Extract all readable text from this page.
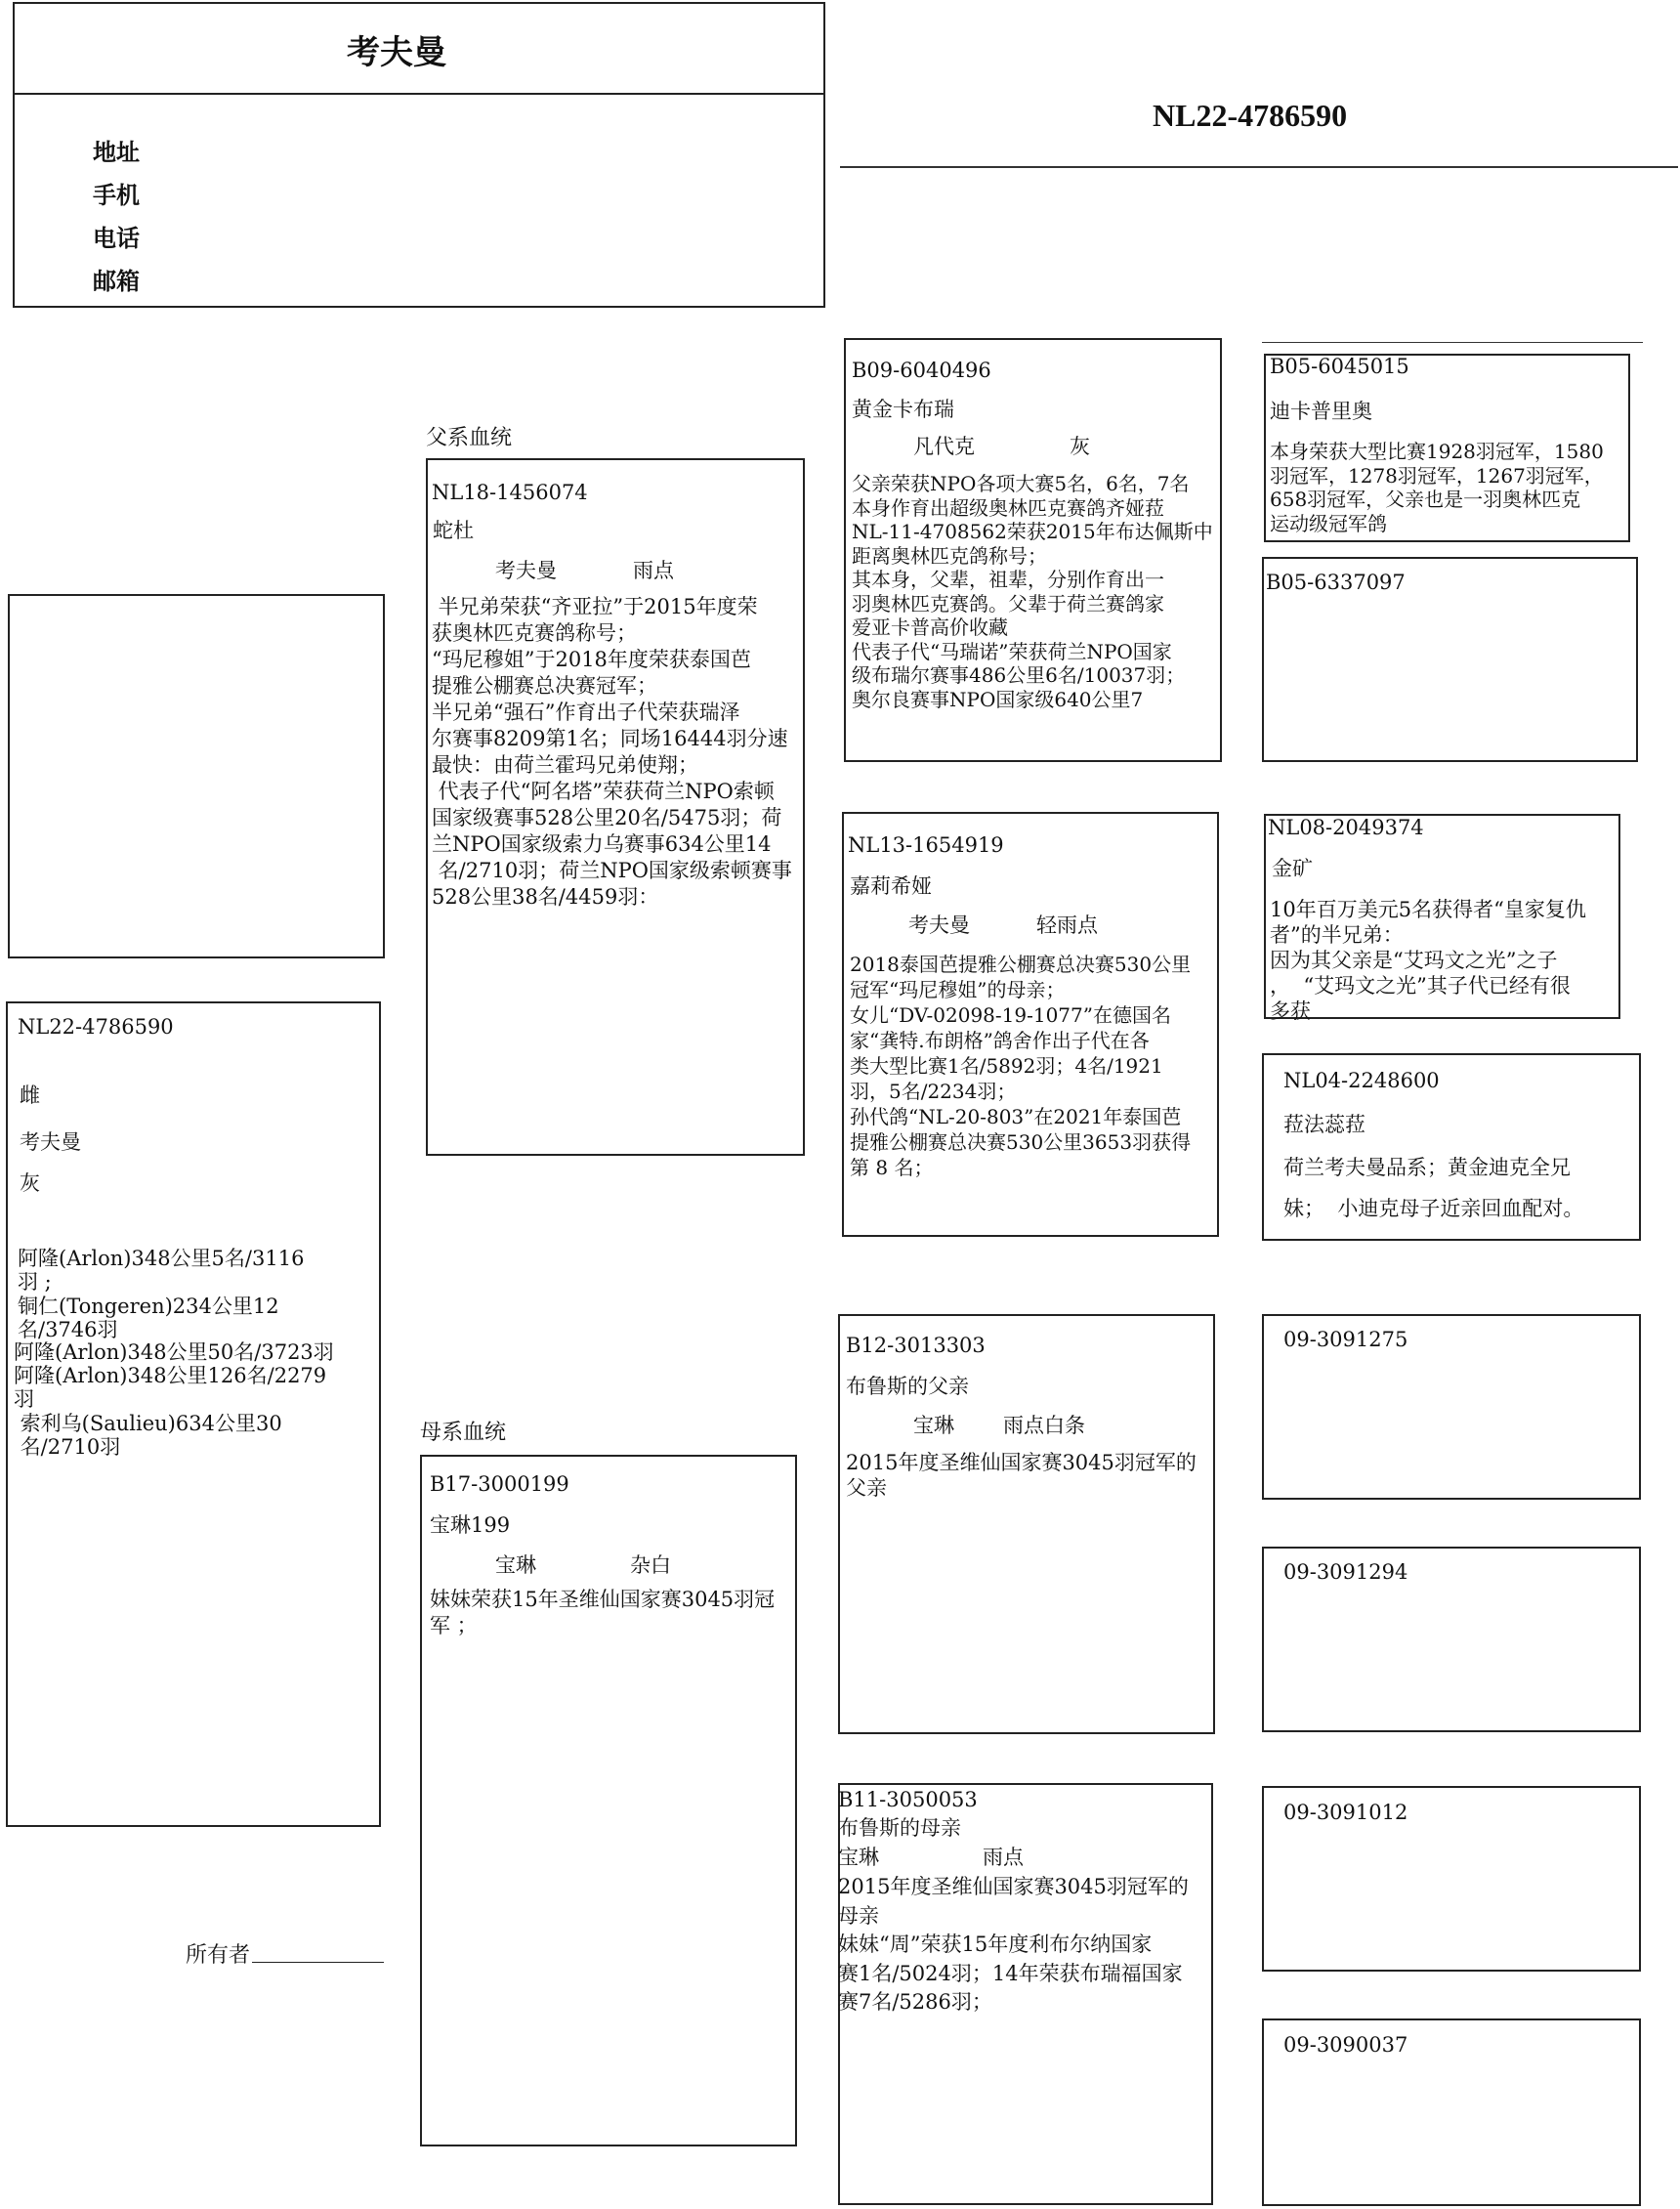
考夫曼
地址
手机
电话
邮箱
NL22-4786590
NL22-4786590
雌
考夫曼
灰
阿隆(Arlon)348公里5名/3116
羽 ;
铜仁(Tongeren)234公里12
名/3746羽
阿隆(Arlon)348公里50名/3723羽
阿隆(Arlon)348公里126名/2279
羽
索利乌(Saulieu)634公里30
名/2710羽
所有者
父系血统
NL18-1456074
蛇杜
考夫曼	雨点
半兄弟荣获“齐亚拉”于2015年度荣
获奥林匹克赛鸽称号；
“玛尼穆姐”于2018年度荣获泰国芭
提雅公棚赛总决赛冠军；
半兄弟“强石”作育出子代荣获瑞泽
尔赛事8209第1名；同场16444羽分速
最快：由荷兰霍玛兄弟使翔；
代表子代“阿名塔”荣获荷兰NPO索顿
国家级赛事528公里20名/5475羽；荷
兰NPO国家级索力乌赛事634公里14
名/2710羽；荷兰NPO国家级索顿赛事
528公里38名/4459羽：
母系血统
B17-3000199
宝琳199
宝琳	杂白
妹妹荣获15年圣维仙国家赛3045羽冠
军 ；
B09-6040496
黄金卡布瑞
凡代克	灰
父亲荣获NPO各项大赛5名，6名，7名
本身作育出超级奥林匹克赛鸽齐娅菈
NL-11-4708562荣获2015年布达佩斯中
距离奥林匹克鸽称号；
其本身，父辈，祖辈，分别作育出一
羽奥林匹克赛鸽。父辈于荷兰赛鸽家
爱亚卡普高价收藏
代表子代“马瑞诺”荣获荷兰NPO国家
级布瑞尔赛事486公里6名/10037羽；
奥尔良赛事NPO国家级640公里7
NL13-1654919
嘉莉希娅
考夫曼	轻雨点
2018泰国芭提雅公棚赛总决赛530公里
冠军“玛尼穆姐”的母亲；
女儿“DV-02098-19-1077”在德国名
家“龚特.布朗格”鸽舍作出子代在各
类大型比赛1名/5892羽；4名/1921
羽，5名/2234羽；
孙代鸽“NL-20-803”在2021年泰国芭
提雅公棚赛总决赛530公里3653羽获得
第 8 名；
B12-3013303
布鲁斯的父亲
宝琳 雨点白条
2015年度圣维仙国家赛3045羽冠军的
父亲
B11-3050053
布鲁斯的母亲
宝琳	雨点
2015年度圣维仙国家赛3045羽冠军的
母亲
妹妹“周”荣获15年度利布尔纳国家
赛1名/5024羽；14年荣获布瑞福国家
赛7名/5286羽；
B05-6045015
迪卡普里奥
本身荣获大型比赛1928羽冠军，1580
羽冠军，1278羽冠军，1267羽冠军，
658羽冠军，父亲也是一羽奥林匹克
运动级冠军鸽
B05-6337097
NL08-2049374
金矿
10年百万美元5名获得者“皇家复仇
者”的半兄弟：
因为其父亲是“艾玛文之光”之子
，  “艾玛文之光”其子代已经有很
多获
NL04-2248600
菈法蕊菈
荷兰考夫曼品系；黄金迪克全兄
妹；  小迪克母子近亲回血配对。
09-3091275
09-3091294
09-3091012
09-3090037
